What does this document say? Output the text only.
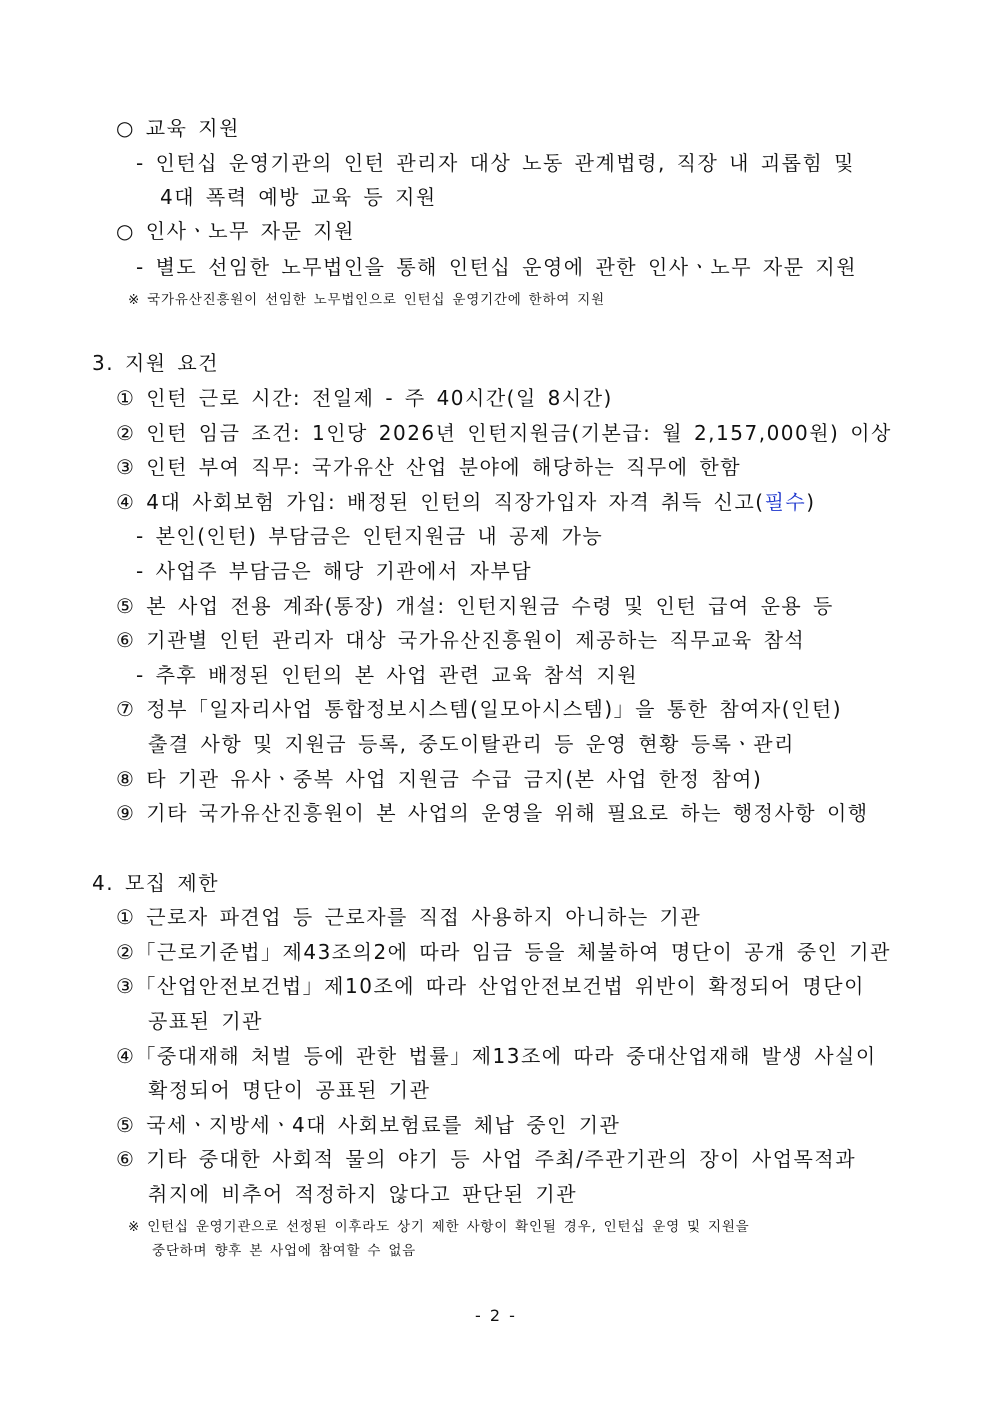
○ 교육 지원
- 인턴십 운영기관의 인턴 관리자 대상 노동 관계법령, 직장 내 괴롭힘 및
4대 폭력 예방 교육 등 지원
○ 인사ㆍ노무 자문 지원
- 별도 선임한 노무법인을 통해 인턴십 운영에 관한 인사ㆍ노무 자문 지원
※ 국가유산진흥원이 선임한 노무법인으로 인턴십 운영기간에 한하여 지원
3. 지원 요건
① 인턴 근로 시간: 전일제 - 주 40시간(일 8시간)
② 인턴 임금 조건: 1인당 2026년 인턴지원금(기본급: 월 2,157,000원) 이상
③ 인턴 부여 직무: 국가유산 산업 분야에 해당하는 직무에 한함
④ 4대 사회보험 가입: 배정된 인턴의 직장가입자 자격 취득 신고(필수)
- 본인(인턴) 부담금은 인턴지원금 내 공제 가능
- 사업주 부담금은 해당 기관에서 자부담
⑤ 본 사업 전용 계좌(통장) 개설: 인턴지원금 수령 및 인턴 급여 운용 등
⑥ 기관별 인턴 관리자 대상 국가유산진흥원이 제공하는 직무교육 참석
- 추후 배정된 인턴의 본 사업 관련 교육 참석 지원
⑦ 정부「일자리사업 통합정보시스템(일모아시스템)」을 통한 참여자(인턴)
출결 사항 및 지원금 등록, 중도이탈관리 등 운영 현황 등록ㆍ관리
⑧ 타 기관 유사ㆍ중복 사업 지원금 수급 금지(본 사업 한정 참여)
⑨ 기타 국가유산진흥원이 본 사업의 운영을 위해 필요로 하는 행정사항 이행
4. 모집 제한
① 근로자 파견업 등 근로자를 직접 사용하지 아니하는 기관
②「근로기준법」제43조의2에 따라 임금 등을 체불하여 명단이 공개 중인 기관
③「산업안전보건법」제10조에 따라 산업안전보건법 위반이 확정되어 명단이
공표된 기관
④「중대재해 처벌 등에 관한 법률」제13조에 따라 중대산업재해 발생 사실이
확정되어 명단이 공표된 기관
⑤ 국세ㆍ지방세ㆍ4대 사회보험료를 체납 중인 기관
⑥ 기타 중대한 사회적 물의 야기 등 사업 주최/주관기관의 장이 사업목적과
취지에 비추어 적정하지 않다고 판단된 기관
※ 인턴십 운영기관으로 선정된 이후라도 상기 제한 사항이 확인될 경우, 인턴십 운영 및 지원을
중단하며 향후 본 사업에 참여할 수 없음
- 2 -
